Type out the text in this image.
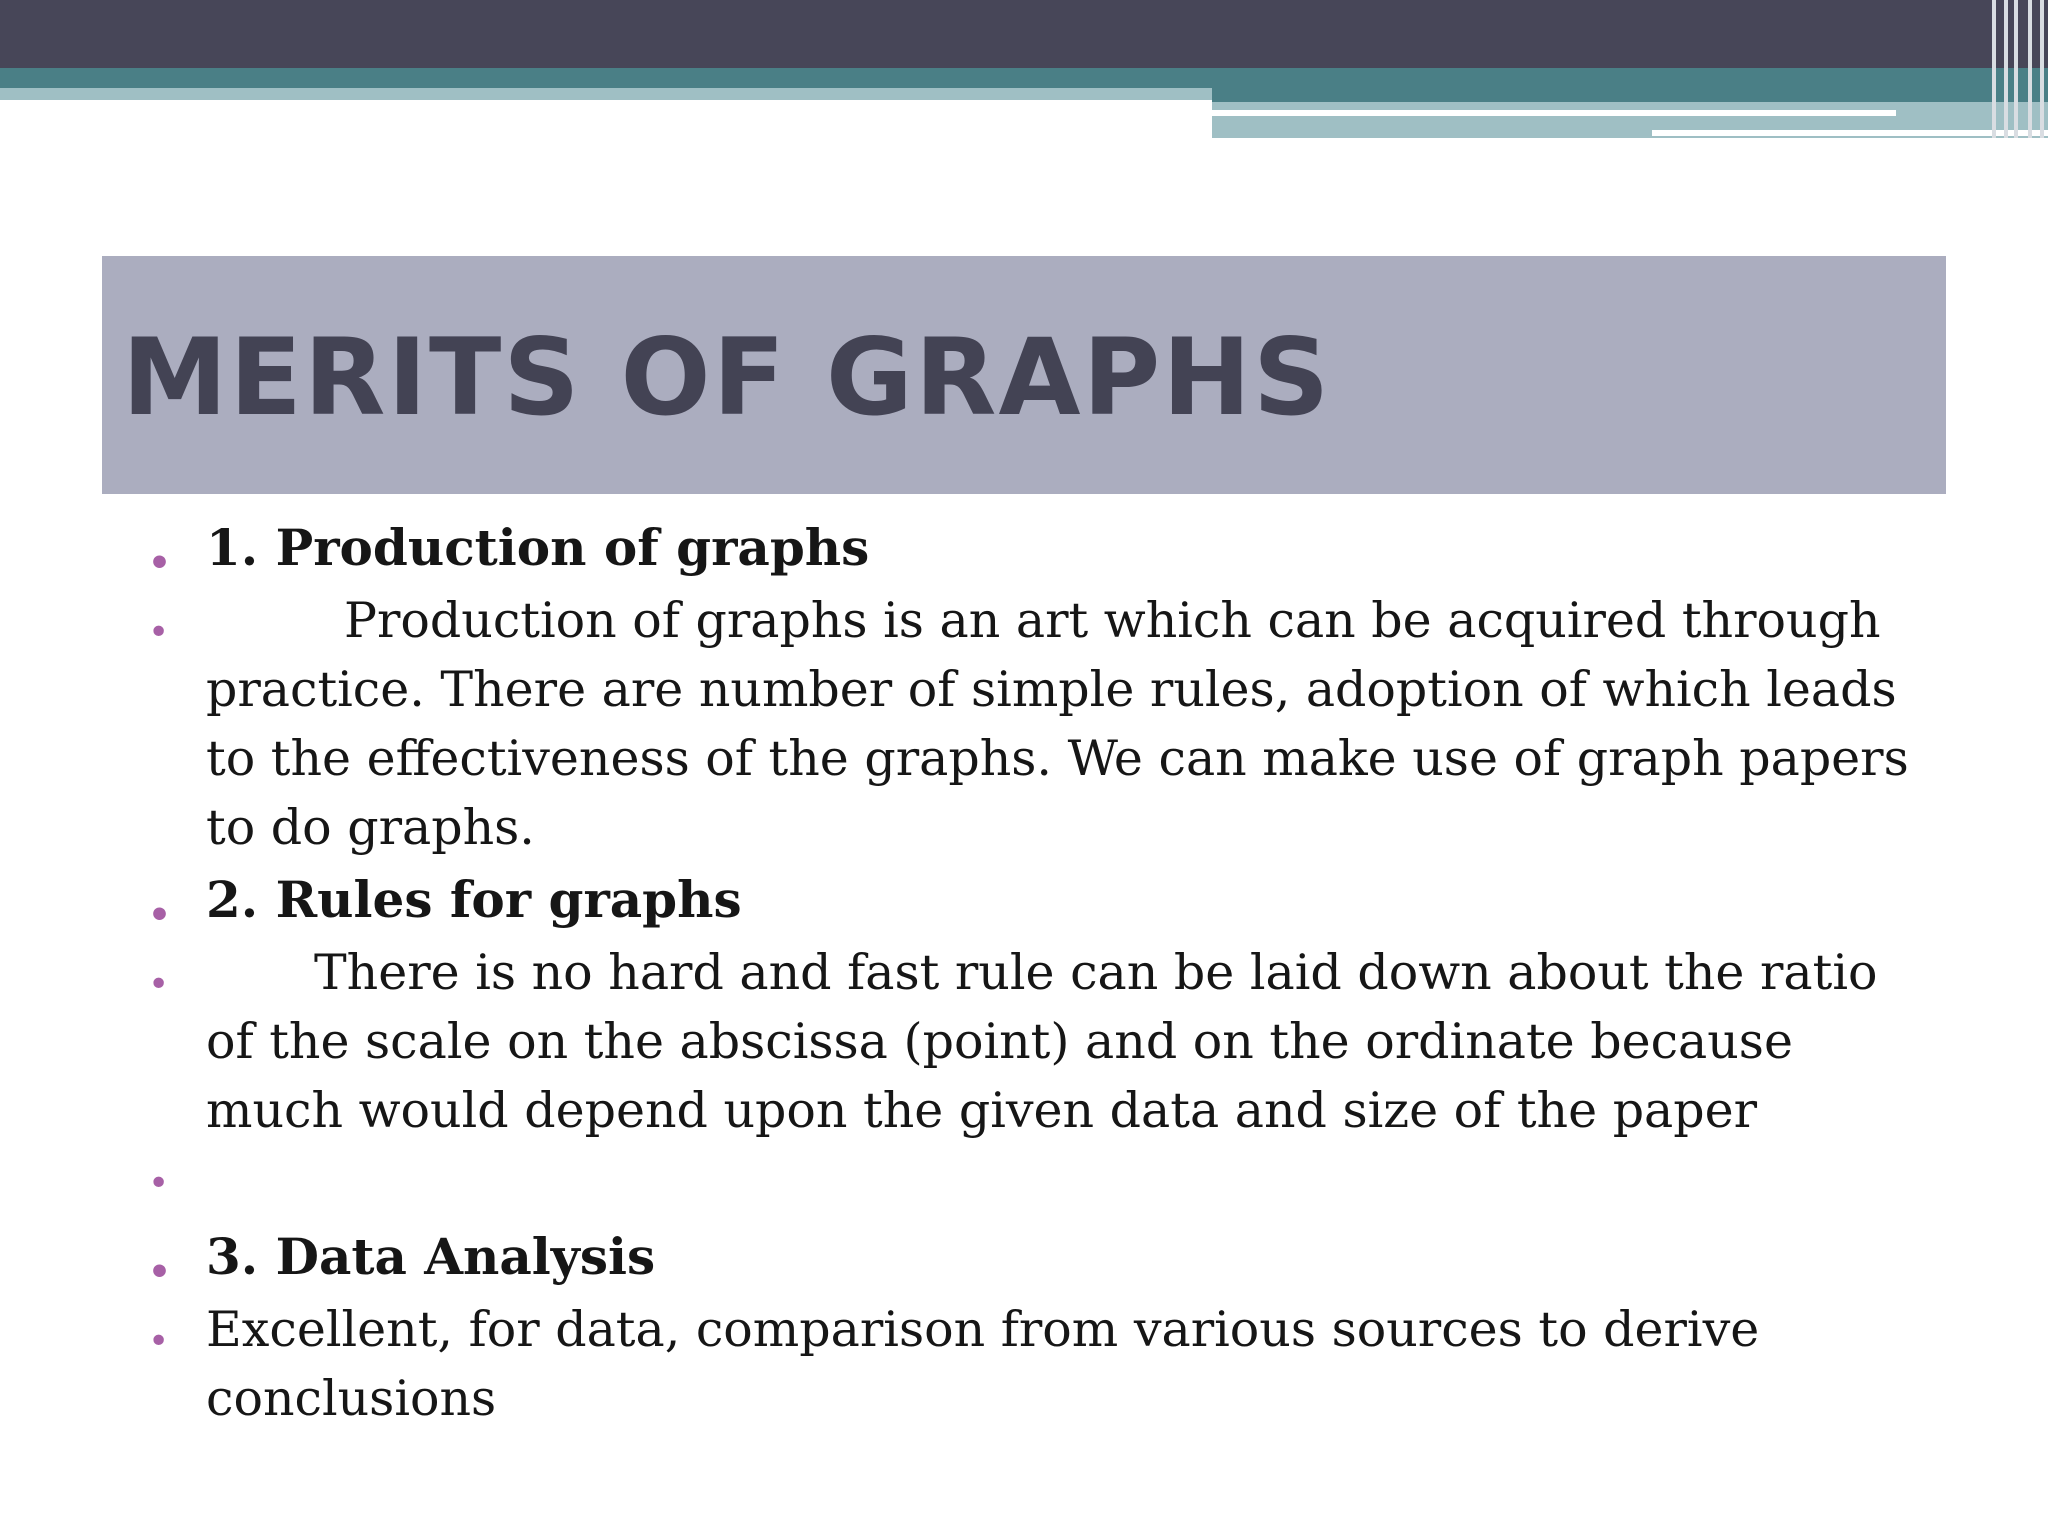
MERITS OF GRAPHS
• 1. Production of graphs
•	Production of graphs is an art which can be acquired through practice. There are number of simple rules, adoption of which leads to the effectiveness of the graphs. We can make use of graph papers to do graphs.
• 2. Rules for graphs
•	There is no hard and fast rule can be laid down about the ratio of the scale on the abscissa (point) and on the ordinate because much would depend upon the given data and size of the paper
•
• 3. Data Analysis
• Excellent, for data, comparison from various sources to derive conclusions
